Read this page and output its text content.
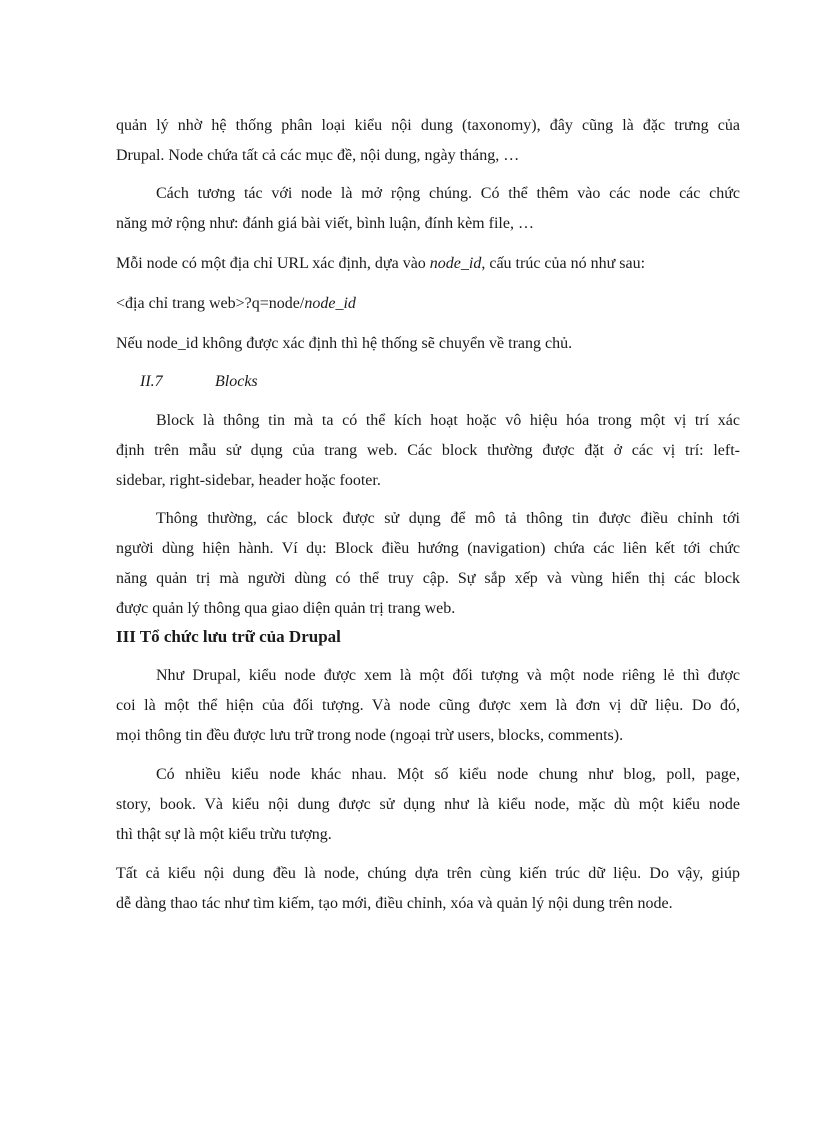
quản lý nhờ hệ thống phân loại kiểu nội dung (taxonomy), đây cũng là đặc trưng của

Drupal. Node chứa tất cả các mục đề, nội dung, ngày tháng, …

Cách tương tác với node là mở rộng chúng. Có thể thêm vào các node các chức

năng mở rộng như: đánh giá bài viết, bình luận, đính kèm file, …

Mỗi node có một địa chỉ URL xác định, dựa vào node_id, cấu trúc của nó như sau:

<địa chỉ trang web>?q=node/node_id

Nếu node_id không được xác định thì hệ thống sẽ chuyển về trang chủ.

II.7	Blocks

Block là thông tin mà ta có thể kích hoạt hoặc vô hiệu hóa trong một vị trí xác

định trên mẫu sử dụng của trang web. Các block thường được đặt ở các vị trí: left-

sidebar, right-sidebar, header hoặc footer.

Thông thường, các block được sử dụng để mô tả thông tin được điều chỉnh tới

người dùng hiện hành. Ví dụ: Block điều hướng (navigation) chứa các liên kết tới chức

năng quản trị mà người dùng có thể truy cập. Sự sắp xếp và vùng hiển thị các block

được quản lý thông qua giao diện quản trị trang web.

III Tổ chức lưu trữ của Drupal

Như Drupal, kiểu node được xem là một đối tượng và một node riêng lẻ thì được

coi là một thể hiện của đối tượng. Và node cũng được xem là đơn vị dữ liệu. Do đó,

mọi thông tin đều được lưu trữ trong node (ngoại trừ users, blocks, comments).

Có nhiều kiểu node khác nhau. Một số kiểu node chung như blog, poll, page,

story, book. Và kiểu nội dung được sử dụng như là kiểu node, mặc dù một kiểu node

thì thật sự là một kiểu trừu tượng.

Tất cả kiểu nội dung đều là node, chúng dựa trên cùng kiến trúc dữ liệu. Do vậy, giúp

dễ dàng thao tác như tìm kiếm, tạo mới, điều chỉnh, xóa và quản lý nội dung trên node.
